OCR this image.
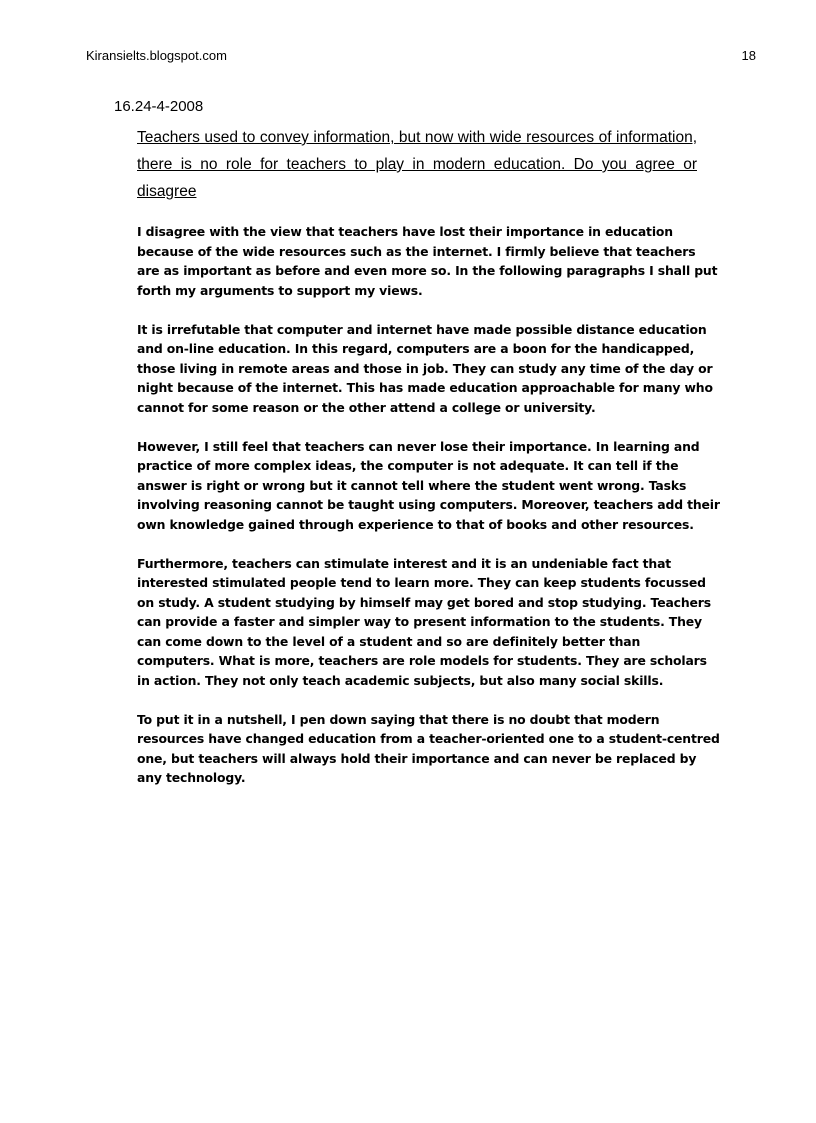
Kiransielts.blogspot.com	18
16.24-4-2008
Teachers used to convey information, but now with wide resources of information, there is no role for teachers to play in modern education. Do you agree or disagree

I disagree with the view that teachers have lost their importance in education because of the wide resources such as the internet. I firmly believe that teachers are as important as before and even more so. In the following paragraphs I shall put forth my arguments to support my views.

It is irrefutable that computer and internet have made possible distance education and on-line education. In this regard, computers are a boon for the handicapped, those living in remote areas and those in job. They can study any time of the day or night because of the internet. This has made education approachable for many who cannot for some reason or the other attend a college or university.

However, I still feel that teachers can never lose their importance. In learning and practice of more complex ideas, the computer is not adequate. It can tell if the answer is right or wrong but it cannot tell where the student went wrong. Tasks involving reasoning cannot be taught using computers. Moreover, teachers add their own knowledge gained through experience to that of books and other resources.

Furthermore, teachers can stimulate interest and it is an undeniable fact that interested stimulated people tend to learn more. They can keep students focussed on study. A student studying by himself may get bored and stop studying. Teachers can provide a faster and simpler way to present information to the students. They can come down to the level of a student and so are definitely better than computers. What is more, teachers are role models for students. They are scholars in action. They not only teach academic subjects, but also many social skills.

To put it in a nutshell, I pen down saying that there is no doubt that modern resources have changed education from a teacher-oriented one to a student-centred one, but teachers will always hold their importance and can never be replaced by any technology.
